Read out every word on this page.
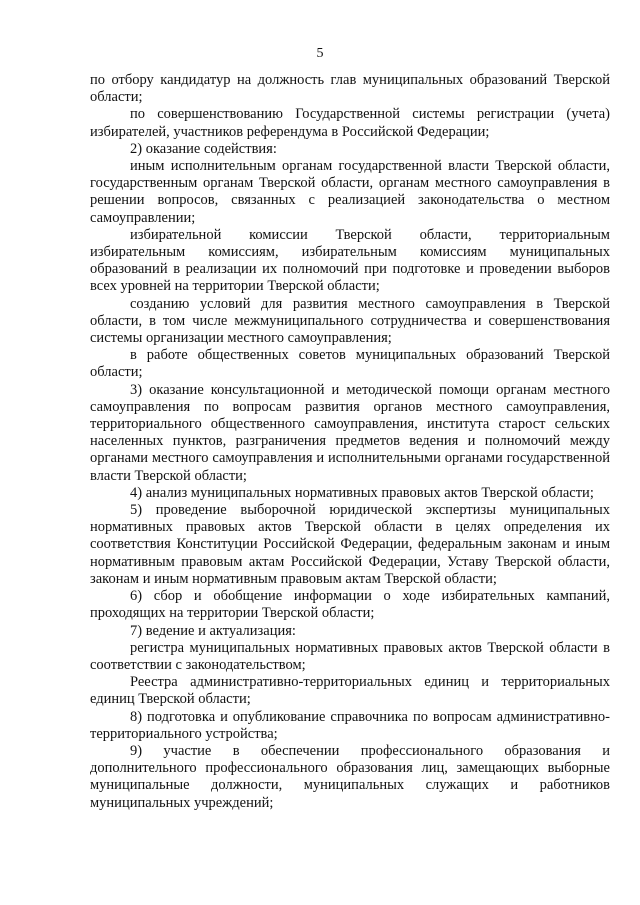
5

по отбору кандидатур на должность глав муниципальных образований Тверской области;

по совершенствованию Государственной системы регистрации (учета) избирателей, участников референдума в Российской Федерации;

2) оказание содействия:

иным исполнительным органам государственной власти Тверской области, государственным органам Тверской области, органам местного самоуправления в решении вопросов, связанных с реализацией законодательства о местном самоуправлении;

избирательной комиссии Тверской области, территориальным избирательным комиссиям, избирательным комиссиям муниципальных образований в реализации их полномочий при подготовке и проведении выборов всех уровней на территории Тверской области;

созданию условий для развития местного самоуправления в Тверской области, в том числе межмуниципального сотрудничества и совершенствования системы организации местного самоуправления;

в работе общественных советов муниципальных образований Тверской области;

3) оказание консультационной и методической помощи органам местного самоуправления по вопросам развития органов местного самоуправления, территориального общественного самоуправления, института старост сельских населенных пунктов, разграничения предметов ведения и полномочий между органами местного самоуправления и исполнительными органами государственной власти Тверской области;

4) анализ муниципальных нормативных правовых актов Тверской области;

5) проведение выборочной юридической экспертизы муниципальных нормативных правовых актов Тверской области в целях определения их соответствия Конституции Российской Федерации, федеральным законам и иным нормативным правовым актам Российской Федерации, Уставу Тверской области, законам и иным нормативным правовым актам Тверской области;

6) сбор и обобщение информации о ходе избирательных кампаний, проходящих на территории Тверской области;

7) ведение и актуализация:

регистра муниципальных нормативных правовых актов Тверской области в соответствии с законодательством;

Реестра административно-территориальных единиц и территориальных единиц Тверской области;

8) подготовка и опубликование справочника по вопросам административно-территориального устройства;

9) участие в обеспечении профессионального образования и дополнительного профессионального образования лиц, замещающих выборные муниципальные должности, муниципальных служащих и работников муниципальных учреждений;
